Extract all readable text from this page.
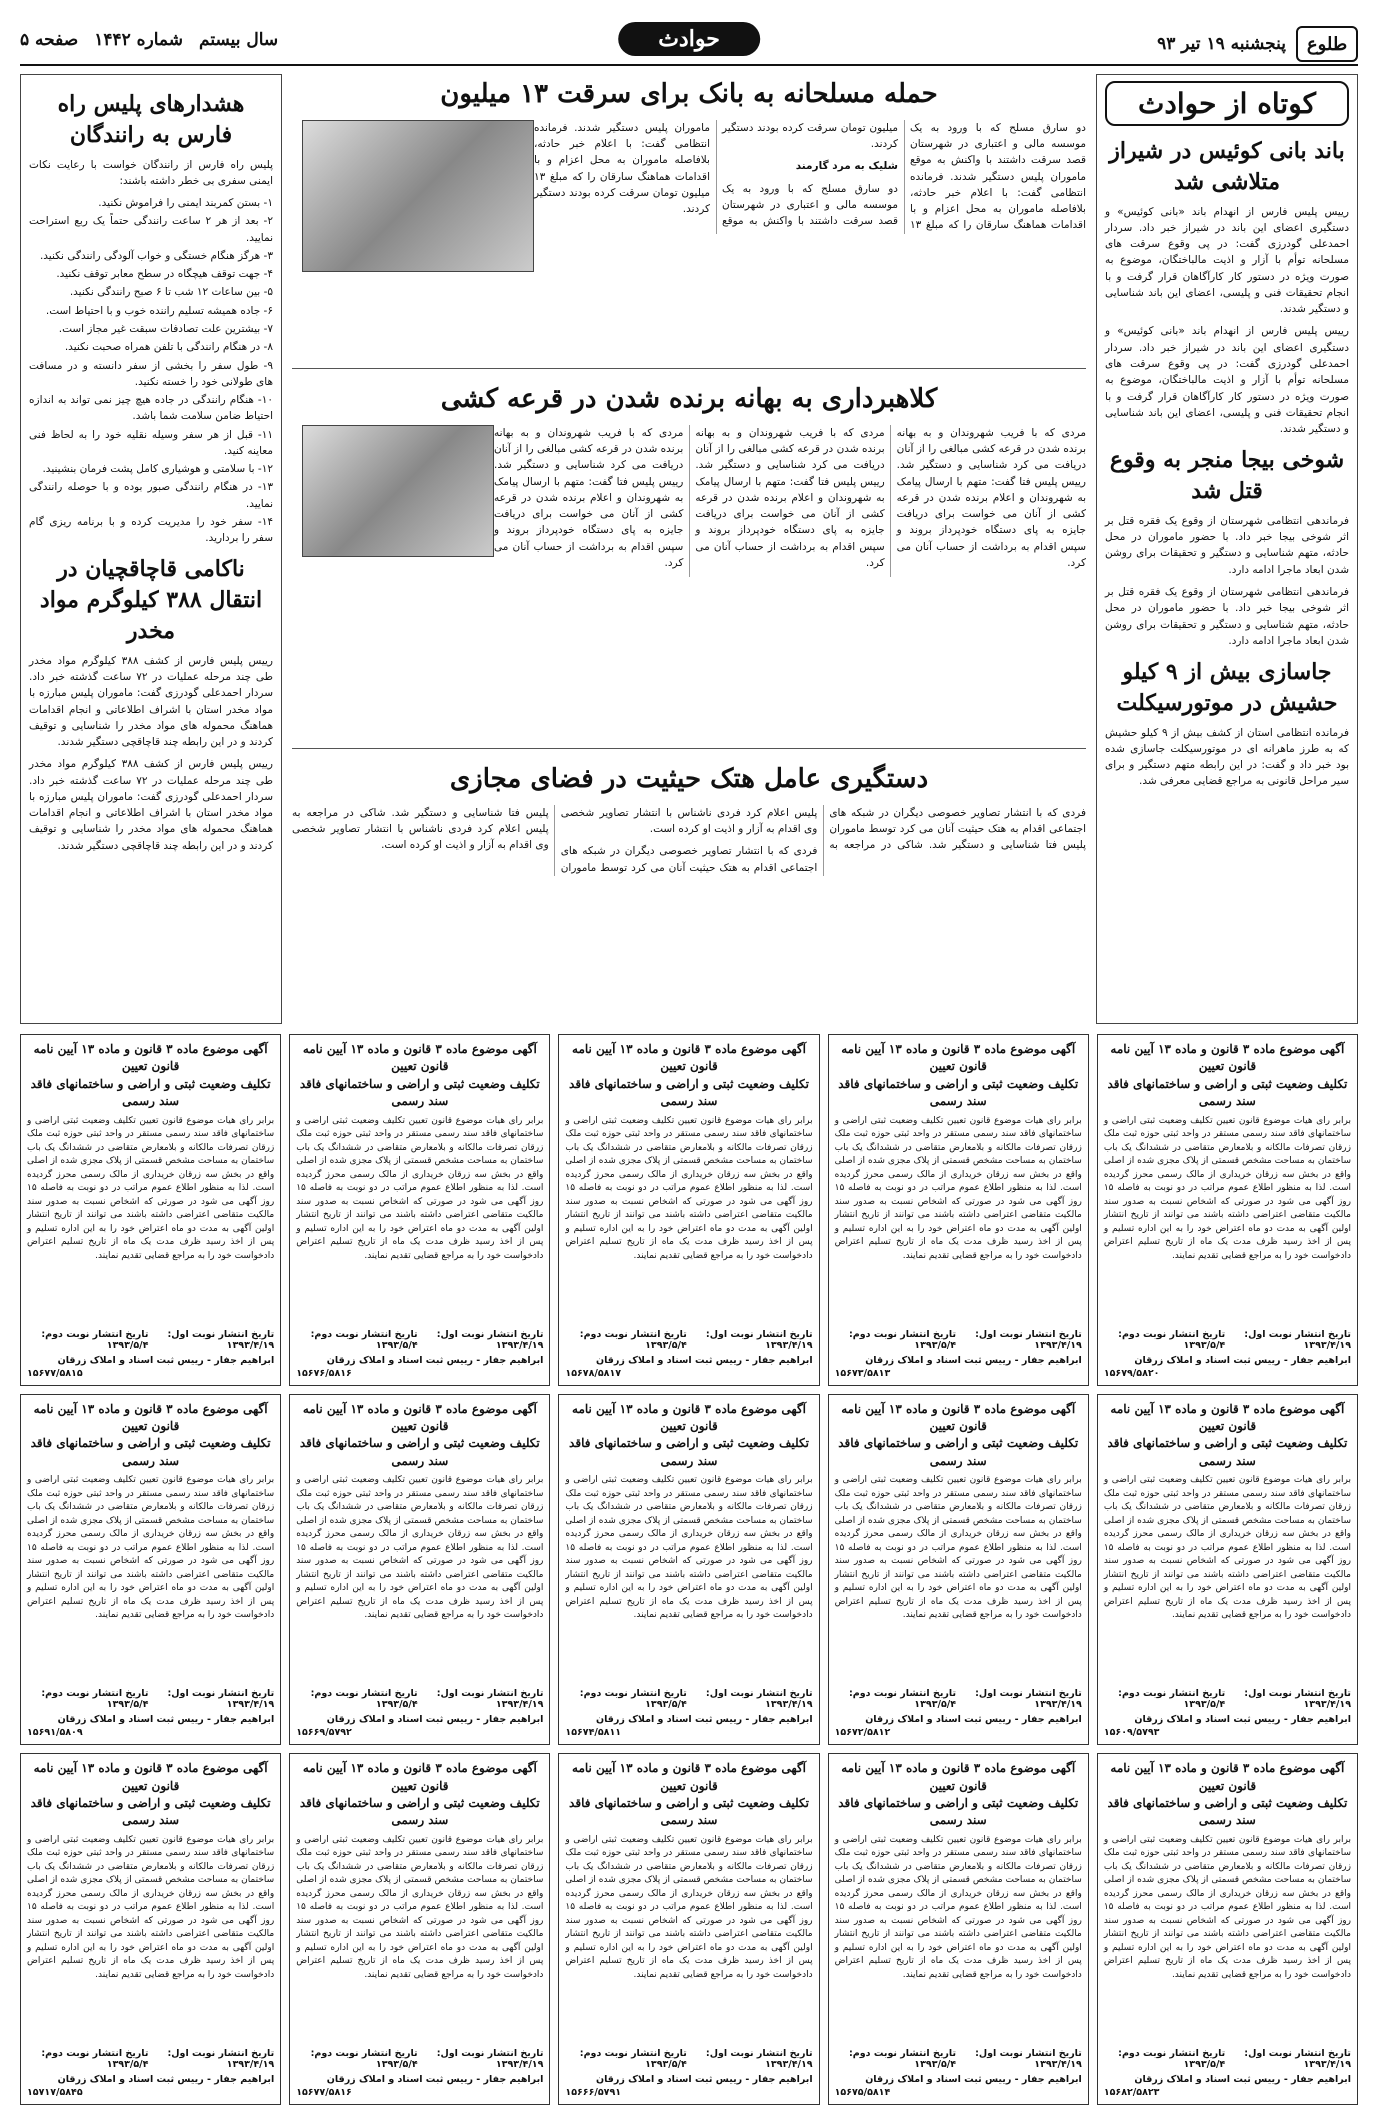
طلوع
پنجشنبه ۱۹ تیر ۹۳
حوادث
سال بیستم
شماره ۱۴۴۲
صفحه ۵
کوتاه از حوادث
باند بانی کوئیس در شیراز متلاشی شد

رییس پلیس فارس از انهدام باند «بانی کوئیس» و دستگیری اعضای این باند در شیراز خبر داد. سردار احمدعلی گودرزی گفت: در پی وقوع سرقت های مسلحانه توأم با آزار و اذیت مالباختگان، موضوع به صورت ویژه در دستور کار کارآگاهان قرار گرفت و با انجام تحقیقات فنی و پلیسی، اعضای این باند شناسایی و دستگیر شدند.

رییس پلیس فارس از انهدام باند «بانی کوئیس» و دستگیری اعضای این باند در شیراز خبر داد. سردار احمدعلی گودرزی گفت: در پی وقوع سرقت های مسلحانه توأم با آزار و اذیت مالباختگان، موضوع به صورت ویژه در دستور کار کارآگاهان قرار گرفت و با انجام تحقیقات فنی و پلیسی، اعضای این باند شناسایی و دستگیر شدند.

شوخی بیجا منجر به وقوع قتل شد

فرماندهی انتظامی شهرستان از وقوع یک فقره قتل بر اثر شوخی بیجا خبر داد. با حضور ماموران در محل حادثه، متهم شناسایی و دستگیر و تحقیقات برای روشن شدن ابعاد ماجرا ادامه دارد.

فرماندهی انتظامی شهرستان از وقوع یک فقره قتل بر اثر شوخی بیجا خبر داد. با حضور ماموران در محل حادثه، متهم شناسایی و دستگیر و تحقیقات برای روشن شدن ابعاد ماجرا ادامه دارد.

جاسازی بیش از ۹ کیلو حشیش در موتورسیکلت

فرمانده انتظامی استان از کشف بیش از ۹ کیلو حشیش که به طرز ماهرانه ای در موتورسیکلت جاسازی شده بود خبر داد و گفت: در این رابطه متهم دستگیر و برای سیر مراحل قانونی به مراجع قضایی معرفی شد.

حمله مسلحانه به بانک برای سرقت ۱۳ میلیون

دو سارق مسلح که با ورود به یک موسسه مالی و اعتباری در شهرستان قصد سرقت داشتند با واکنش به موقع ماموران پلیس دستگیر شدند. فرمانده انتظامی گفت: با اعلام خبر حادثه، بلافاصله ماموران به محل اعزام و با اقدامات هماهنگ سارقان را که مبلغ ۱۳ میلیون تومان سرقت کرده بودند دستگیر کردند.

شلیک به مرد گارمند

دو سارق مسلح که با ورود به یک موسسه مالی و اعتباری در شهرستان قصد سرقت داشتند با واکنش به موقع ماموران پلیس دستگیر شدند. فرمانده انتظامی گفت: با اعلام خبر حادثه، بلافاصله ماموران به محل اعزام و با اقدامات هماهنگ سارقان را که مبلغ ۱۳ میلیون تومان سرقت کرده بودند دستگیر کردند.

کلاهبرداری به بهانه برنده شدن در قرعه کشی

مردی که با فریب شهروندان و به بهانه برنده شدن در قرعه کشی مبالغی را از آنان دریافت می کرد شناسایی و دستگیر شد. رییس پلیس فتا گفت: متهم با ارسال پیامک به شهروندان و اعلام برنده شدن در قرعه کشی از آنان می خواست برای دریافت جایزه به پای دستگاه خودپرداز بروند و سپس اقدام به برداشت از حساب آنان می کرد.

مردی که با فریب شهروندان و به بهانه برنده شدن در قرعه کشی مبالغی را از آنان دریافت می کرد شناسایی و دستگیر شد. رییس پلیس فتا گفت: متهم با ارسال پیامک به شهروندان و اعلام برنده شدن در قرعه کشی از آنان می خواست برای دریافت جایزه به پای دستگاه خودپرداز بروند و سپس اقدام به برداشت از حساب آنان می کرد.

مردی که با فریب شهروندان و به بهانه برنده شدن در قرعه کشی مبالغی را از آنان دریافت می کرد شناسایی و دستگیر شد. رییس پلیس فتا گفت: متهم با ارسال پیامک به شهروندان و اعلام برنده شدن در قرعه کشی از آنان می خواست برای دریافت جایزه به پای دستگاه خودپرداز بروند و سپس اقدام به برداشت از حساب آنان می کرد.

دستگیری عامل هتک حیثیت در فضای مجازی

فردی که با انتشار تصاویر خصوصی دیگران در شبکه های اجتماعی اقدام به هتک حیثیت آنان می کرد توسط ماموران پلیس فتا شناسایی و دستگیر شد. شاکی در مراجعه به پلیس اعلام کرد فردی ناشناس با انتشار تصاویر شخصی وی اقدام به آزار و اذیت او کرده است.

فردی که با انتشار تصاویر خصوصی دیگران در شبکه های اجتماعی اقدام به هتک حیثیت آنان می کرد توسط ماموران پلیس فتا شناسایی و دستگیر شد. شاکی در مراجعه به پلیس اعلام کرد فردی ناشناس با انتشار تصاویر شخصی وی اقدام به آزار و اذیت او کرده است.

هشدارهای پلیس راه فارس به رانندگان

پلیس راه فارس از رانندگان خواست با رعایت نکات ایمنی سفری بی خطر داشته باشند:

۱- بستن کمربند ایمنی را فراموش نکنید.

۲- بعد از هر ۲ ساعت رانندگی حتماً یک ربع استراحت نمایید.

۳- هرگز هنگام خستگی و خواب آلودگی رانندگی نکنید.

۴- جهت توقف هیچگاه در سطح معابر توقف نکنید.

۵- بین ساعات ۱۲ شب تا ۶ صبح رانندگی نکنید.

۶- جاده همیشه تسلیم راننده خوب و با احتیاط است.

۷- بیشترین علت تصادفات سبقت غیر مجاز است.

۸- در هنگام رانندگی با تلفن همراه صحبت نکنید.

۹- طول سفر را بخشی از سفر دانسته و در مسافت های طولانی خود را خسته نکنید.

۱۰- هنگام رانندگی در جاده هیچ چیز نمی تواند به اندازه احتیاط ضامن سلامت شما باشد.

۱۱- قبل از هر سفر وسیله نقلیه خود را به لحاظ فنی معاینه کنید.

۱۲- با سلامتی و هوشیاری کامل پشت فرمان بنشینید.

۱۳- در هنگام رانندگی صبور بوده و با حوصله رانندگی نمایید.

۱۴- سفر خود را مدیریت کرده و با برنامه ریزی گام سفر را بردارید.

ناکامی قاچاقچیان در انتقال ۳۸۸ کیلوگرم مواد مخدر

رییس پلیس فارس از کشف ۳۸۸ کیلوگرم مواد مخدر طی چند مرحله عملیات در ۷۲ ساعت گذشته خبر داد. سردار احمدعلی گودرزی گفت: ماموران پلیس مبارزه با مواد مخدر استان با اشراف اطلاعاتی و انجام اقدامات هماهنگ محموله های مواد مخدر را شناسایی و توقیف کردند و در این رابطه چند قاچاقچی دستگیر شدند.

رییس پلیس فارس از کشف ۳۸۸ کیلوگرم مواد مخدر طی چند مرحله عملیات در ۷۲ ساعت گذشته خبر داد. سردار احمدعلی گودرزی گفت: ماموران پلیس مبارزه با مواد مخدر استان با اشراف اطلاعاتی و انجام اقدامات هماهنگ محموله های مواد مخدر را شناسایی و توقیف کردند و در این رابطه چند قاچاقچی دستگیر شدند.

آگهی موضوع ماده ۳ قانون و ماده ۱۳ آیین نامه قانون تعیین
تکلیف وضعیت ثبتی و اراضی و ساختمانهای فاقد سند رسمی
برابر رای هیات موضوع قانون تعیین تکلیف وضعیت ثبتی اراضی و ساختمانهای فاقد سند رسمی مستقر در واحد ثبتی حوزه ثبت ملک زرقان تصرفات مالکانه و بلامعارض متقاضی در ششدانگ یک باب ساختمان به مساحت مشخص قسمتی از پلاک مجزی شده از اصلی واقع در بخش سه زرقان خریداری از مالک رسمی محرز گردیده است. لذا به منظور اطلاع عموم مراتب در دو نوبت به فاصله ۱۵ روز آگهی می شود در صورتی که اشخاص نسبت به صدور سند مالکیت متقاضی اعتراضی داشته باشند می توانند از تاریخ انتشار اولین آگهی به مدت دو ماه اعتراض خود را به این اداره تسلیم و پس از اخذ رسید ظرف مدت یک ماه از تاریخ تسلیم اعتراض دادخواست خود را به مراجع قضایی تقدیم نمایند.
تاریخ انتشار نوبت اول: ۱۳۹۳/۴/۱۹
تاریخ انتشار نوبت دوم: ۱۳۹۳/۵/۴
ابراهیم جفار - رییس ثبت اسناد و املاک زرقان
۱۵۶۷۹/۵۸۲۰
آگهی موضوع ماده ۳ قانون و ماده ۱۳ آیین نامه قانون تعیین
تکلیف وضعیت ثبتی و اراضی و ساختمانهای فاقد سند رسمی
برابر رای هیات موضوع قانون تعیین تکلیف وضعیت ثبتی اراضی و ساختمانهای فاقد سند رسمی مستقر در واحد ثبتی حوزه ثبت ملک زرقان تصرفات مالکانه و بلامعارض متقاضی در ششدانگ یک باب ساختمان به مساحت مشخص قسمتی از پلاک مجزی شده از اصلی واقع در بخش سه زرقان خریداری از مالک رسمی محرز گردیده است. لذا به منظور اطلاع عموم مراتب در دو نوبت به فاصله ۱۵ روز آگهی می شود در صورتی که اشخاص نسبت به صدور سند مالکیت متقاضی اعتراضی داشته باشند می توانند از تاریخ انتشار اولین آگهی به مدت دو ماه اعتراض خود را به این اداره تسلیم و پس از اخذ رسید ظرف مدت یک ماه از تاریخ تسلیم اعتراض دادخواست خود را به مراجع قضایی تقدیم نمایند.
تاریخ انتشار نوبت اول: ۱۳۹۳/۴/۱۹
تاریخ انتشار نوبت دوم: ۱۳۹۳/۵/۴
ابراهیم جفار - رییس ثبت اسناد و املاک زرقان
۱۵۶۷۳/۵۸۱۳
آگهی موضوع ماده ۳ قانون و ماده ۱۳ آیین نامه قانون تعیین
تکلیف وضعیت ثبتی و اراضی و ساختمانهای فاقد سند رسمی
برابر رای هیات موضوع قانون تعیین تکلیف وضعیت ثبتی اراضی و ساختمانهای فاقد سند رسمی مستقر در واحد ثبتی حوزه ثبت ملک زرقان تصرفات مالکانه و بلامعارض متقاضی در ششدانگ یک باب ساختمان به مساحت مشخص قسمتی از پلاک مجزی شده از اصلی واقع در بخش سه زرقان خریداری از مالک رسمی محرز گردیده است. لذا به منظور اطلاع عموم مراتب در دو نوبت به فاصله ۱۵ روز آگهی می شود در صورتی که اشخاص نسبت به صدور سند مالکیت متقاضی اعتراضی داشته باشند می توانند از تاریخ انتشار اولین آگهی به مدت دو ماه اعتراض خود را به این اداره تسلیم و پس از اخذ رسید ظرف مدت یک ماه از تاریخ تسلیم اعتراض دادخواست خود را به مراجع قضایی تقدیم نمایند.
تاریخ انتشار نوبت اول: ۱۳۹۳/۴/۱۹
تاریخ انتشار نوبت دوم: ۱۳۹۳/۵/۴
ابراهیم جفار - رییس ثبت اسناد و املاک زرقان
۱۵۶۷۸/۵۸۱۷
آگهی موضوع ماده ۳ قانون و ماده ۱۳ آیین نامه قانون تعیین
تکلیف وضعیت ثبتی و اراضی و ساختمانهای فاقد سند رسمی
برابر رای هیات موضوع قانون تعیین تکلیف وضعیت ثبتی اراضی و ساختمانهای فاقد سند رسمی مستقر در واحد ثبتی حوزه ثبت ملک زرقان تصرفات مالکانه و بلامعارض متقاضی در ششدانگ یک باب ساختمان به مساحت مشخص قسمتی از پلاک مجزی شده از اصلی واقع در بخش سه زرقان خریداری از مالک رسمی محرز گردیده است. لذا به منظور اطلاع عموم مراتب در دو نوبت به فاصله ۱۵ روز آگهی می شود در صورتی که اشخاص نسبت به صدور سند مالکیت متقاضی اعتراضی داشته باشند می توانند از تاریخ انتشار اولین آگهی به مدت دو ماه اعتراض خود را به این اداره تسلیم و پس از اخذ رسید ظرف مدت یک ماه از تاریخ تسلیم اعتراض دادخواست خود را به مراجع قضایی تقدیم نمایند.
تاریخ انتشار نوبت اول: ۱۳۹۳/۴/۱۹
تاریخ انتشار نوبت دوم: ۱۳۹۳/۵/۴
ابراهیم جفار - رییس ثبت اسناد و املاک زرقان
۱۵۶۷۶/۵۸۱۶
آگهی موضوع ماده ۳ قانون و ماده ۱۳ آیین نامه قانون تعیین
تکلیف وضعیت ثبتی و اراضی و ساختمانهای فاقد سند رسمی
برابر رای هیات موضوع قانون تعیین تکلیف وضعیت ثبتی اراضی و ساختمانهای فاقد سند رسمی مستقر در واحد ثبتی حوزه ثبت ملک زرقان تصرفات مالکانه و بلامعارض متقاضی در ششدانگ یک باب ساختمان به مساحت مشخص قسمتی از پلاک مجزی شده از اصلی واقع در بخش سه زرقان خریداری از مالک رسمی محرز گردیده است. لذا به منظور اطلاع عموم مراتب در دو نوبت به فاصله ۱۵ روز آگهی می شود در صورتی که اشخاص نسبت به صدور سند مالکیت متقاضی اعتراضی داشته باشند می توانند از تاریخ انتشار اولین آگهی به مدت دو ماه اعتراض خود را به این اداره تسلیم و پس از اخذ رسید ظرف مدت یک ماه از تاریخ تسلیم اعتراض دادخواست خود را به مراجع قضایی تقدیم نمایند.
تاریخ انتشار نوبت اول: ۱۳۹۳/۴/۱۹
تاریخ انتشار نوبت دوم: ۱۳۹۳/۵/۴
ابراهیم جفار - رییس ثبت اسناد و املاک زرقان
۱۵۶۷۷/۵۸۱۵
آگهی موضوع ماده ۳ قانون و ماده ۱۳ آیین نامه قانون تعیین
تکلیف وضعیت ثبتی و اراضی و ساختمانهای فاقد سند رسمی
برابر رای هیات موضوع قانون تعیین تکلیف وضعیت ثبتی اراضی و ساختمانهای فاقد سند رسمی مستقر در واحد ثبتی حوزه ثبت ملک زرقان تصرفات مالکانه و بلامعارض متقاضی در ششدانگ یک باب ساختمان به مساحت مشخص قسمتی از پلاک مجزی شده از اصلی واقع در بخش سه زرقان خریداری از مالک رسمی محرز گردیده است. لذا به منظور اطلاع عموم مراتب در دو نوبت به فاصله ۱۵ روز آگهی می شود در صورتی که اشخاص نسبت به صدور سند مالکیت متقاضی اعتراضی داشته باشند می توانند از تاریخ انتشار اولین آگهی به مدت دو ماه اعتراض خود را به این اداره تسلیم و پس از اخذ رسید ظرف مدت یک ماه از تاریخ تسلیم اعتراض دادخواست خود را به مراجع قضایی تقدیم نمایند.
تاریخ انتشار نوبت اول: ۱۳۹۳/۴/۱۹
تاریخ انتشار نوبت دوم: ۱۳۹۳/۵/۴
ابراهیم جفار - رییس ثبت اسناد و املاک زرقان
۱۵۶۰۹/۵۷۹۳
آگهی موضوع ماده ۳ قانون و ماده ۱۳ آیین نامه قانون تعیین
تکلیف وضعیت ثبتی و اراضی و ساختمانهای فاقد سند رسمی
برابر رای هیات موضوع قانون تعیین تکلیف وضعیت ثبتی اراضی و ساختمانهای فاقد سند رسمی مستقر در واحد ثبتی حوزه ثبت ملک زرقان تصرفات مالکانه و بلامعارض متقاضی در ششدانگ یک باب ساختمان به مساحت مشخص قسمتی از پلاک مجزی شده از اصلی واقع در بخش سه زرقان خریداری از مالک رسمی محرز گردیده است. لذا به منظور اطلاع عموم مراتب در دو نوبت به فاصله ۱۵ روز آگهی می شود در صورتی که اشخاص نسبت به صدور سند مالکیت متقاضی اعتراضی داشته باشند می توانند از تاریخ انتشار اولین آگهی به مدت دو ماه اعتراض خود را به این اداره تسلیم و پس از اخذ رسید ظرف مدت یک ماه از تاریخ تسلیم اعتراض دادخواست خود را به مراجع قضایی تقدیم نمایند.
تاریخ انتشار نوبت اول: ۱۳۹۳/۴/۱۹
تاریخ انتشار نوبت دوم: ۱۳۹۳/۵/۴
ابراهیم جفار - رییس ثبت اسناد و املاک زرقان
۱۵۶۷۲/۵۸۱۲
آگهی موضوع ماده ۳ قانون و ماده ۱۳ آیین نامه قانون تعیین
تکلیف وضعیت ثبتی و اراضی و ساختمانهای فاقد سند رسمی
برابر رای هیات موضوع قانون تعیین تکلیف وضعیت ثبتی اراضی و ساختمانهای فاقد سند رسمی مستقر در واحد ثبتی حوزه ثبت ملک زرقان تصرفات مالکانه و بلامعارض متقاضی در ششدانگ یک باب ساختمان به مساحت مشخص قسمتی از پلاک مجزی شده از اصلی واقع در بخش سه زرقان خریداری از مالک رسمی محرز گردیده است. لذا به منظور اطلاع عموم مراتب در دو نوبت به فاصله ۱۵ روز آگهی می شود در صورتی که اشخاص نسبت به صدور سند مالکیت متقاضی اعتراضی داشته باشند می توانند از تاریخ انتشار اولین آگهی به مدت دو ماه اعتراض خود را به این اداره تسلیم و پس از اخذ رسید ظرف مدت یک ماه از تاریخ تسلیم اعتراض دادخواست خود را به مراجع قضایی تقدیم نمایند.
تاریخ انتشار نوبت اول: ۱۳۹۳/۴/۱۹
تاریخ انتشار نوبت دوم: ۱۳۹۳/۵/۴
ابراهیم جفار - رییس ثبت اسناد و املاک زرقان
۱۵۶۷۴/۵۸۱۱
آگهی موضوع ماده ۳ قانون و ماده ۱۳ آیین نامه قانون تعیین
تکلیف وضعیت ثبتی و اراضی و ساختمانهای فاقد سند رسمی
برابر رای هیات موضوع قانون تعیین تکلیف وضعیت ثبتی اراضی و ساختمانهای فاقد سند رسمی مستقر در واحد ثبتی حوزه ثبت ملک زرقان تصرفات مالکانه و بلامعارض متقاضی در ششدانگ یک باب ساختمان به مساحت مشخص قسمتی از پلاک مجزی شده از اصلی واقع در بخش سه زرقان خریداری از مالک رسمی محرز گردیده است. لذا به منظور اطلاع عموم مراتب در دو نوبت به فاصله ۱۵ روز آگهی می شود در صورتی که اشخاص نسبت به صدور سند مالکیت متقاضی اعتراضی داشته باشند می توانند از تاریخ انتشار اولین آگهی به مدت دو ماه اعتراض خود را به این اداره تسلیم و پس از اخذ رسید ظرف مدت یک ماه از تاریخ تسلیم اعتراض دادخواست خود را به مراجع قضایی تقدیم نمایند.
تاریخ انتشار نوبت اول: ۱۳۹۳/۴/۱۹
تاریخ انتشار نوبت دوم: ۱۳۹۳/۵/۴
ابراهیم جفار - رییس ثبت اسناد و املاک زرقان
۱۵۶۶۹/۵۷۹۲
آگهی موضوع ماده ۳ قانون و ماده ۱۳ آیین نامه قانون تعیین
تکلیف وضعیت ثبتی و اراضی و ساختمانهای فاقد سند رسمی
برابر رای هیات موضوع قانون تعیین تکلیف وضعیت ثبتی اراضی و ساختمانهای فاقد سند رسمی مستقر در واحد ثبتی حوزه ثبت ملک زرقان تصرفات مالکانه و بلامعارض متقاضی در ششدانگ یک باب ساختمان به مساحت مشخص قسمتی از پلاک مجزی شده از اصلی واقع در بخش سه زرقان خریداری از مالک رسمی محرز گردیده است. لذا به منظور اطلاع عموم مراتب در دو نوبت به فاصله ۱۵ روز آگهی می شود در صورتی که اشخاص نسبت به صدور سند مالکیت متقاضی اعتراضی داشته باشند می توانند از تاریخ انتشار اولین آگهی به مدت دو ماه اعتراض خود را به این اداره تسلیم و پس از اخذ رسید ظرف مدت یک ماه از تاریخ تسلیم اعتراض دادخواست خود را به مراجع قضایی تقدیم نمایند.
تاریخ انتشار نوبت اول: ۱۳۹۳/۴/۱۹
تاریخ انتشار نوبت دوم: ۱۳۹۳/۵/۴
ابراهیم جفار - رییس ثبت اسناد و املاک زرقان
۱۵۶۹۱/۵۸۰۹
آگهی موضوع ماده ۳ قانون و ماده ۱۳ آیین نامه قانون تعیین
تکلیف وضعیت ثبتی و اراضی و ساختمانهای فاقد سند رسمی
برابر رای هیات موضوع قانون تعیین تکلیف وضعیت ثبتی اراضی و ساختمانهای فاقد سند رسمی مستقر در واحد ثبتی حوزه ثبت ملک زرقان تصرفات مالکانه و بلامعارض متقاضی در ششدانگ یک باب ساختمان به مساحت مشخص قسمتی از پلاک مجزی شده از اصلی واقع در بخش سه زرقان خریداری از مالک رسمی محرز گردیده است. لذا به منظور اطلاع عموم مراتب در دو نوبت به فاصله ۱۵ روز آگهی می شود در صورتی که اشخاص نسبت به صدور سند مالکیت متقاضی اعتراضی داشته باشند می توانند از تاریخ انتشار اولین آگهی به مدت دو ماه اعتراض خود را به این اداره تسلیم و پس از اخذ رسید ظرف مدت یک ماه از تاریخ تسلیم اعتراض دادخواست خود را به مراجع قضایی تقدیم نمایند.
تاریخ انتشار نوبت اول: ۱۳۹۳/۴/۱۹
تاریخ انتشار نوبت دوم: ۱۳۹۳/۵/۴
ابراهیم جفار - رییس ثبت اسناد و املاک زرقان
۱۵۶۸۲/۵۸۲۳
آگهی موضوع ماده ۳ قانون و ماده ۱۳ آیین نامه قانون تعیین
تکلیف وضعیت ثبتی و اراضی و ساختمانهای فاقد سند رسمی
برابر رای هیات موضوع قانون تعیین تکلیف وضعیت ثبتی اراضی و ساختمانهای فاقد سند رسمی مستقر در واحد ثبتی حوزه ثبت ملک زرقان تصرفات مالکانه و بلامعارض متقاضی در ششدانگ یک باب ساختمان به مساحت مشخص قسمتی از پلاک مجزی شده از اصلی واقع در بخش سه زرقان خریداری از مالک رسمی محرز گردیده است. لذا به منظور اطلاع عموم مراتب در دو نوبت به فاصله ۱۵ روز آگهی می شود در صورتی که اشخاص نسبت به صدور سند مالکیت متقاضی اعتراضی داشته باشند می توانند از تاریخ انتشار اولین آگهی به مدت دو ماه اعتراض خود را به این اداره تسلیم و پس از اخذ رسید ظرف مدت یک ماه از تاریخ تسلیم اعتراض دادخواست خود را به مراجع قضایی تقدیم نمایند.
تاریخ انتشار نوبت اول: ۱۳۹۳/۴/۱۹
تاریخ انتشار نوبت دوم: ۱۳۹۳/۵/۴
ابراهیم جفار - رییس ثبت اسناد و املاک زرقان
۱۵۶۷۵/۵۸۱۴
آگهی موضوع ماده ۳ قانون و ماده ۱۳ آیین نامه قانون تعیین
تکلیف وضعیت ثبتی و اراضی و ساختمانهای فاقد سند رسمی
برابر رای هیات موضوع قانون تعیین تکلیف وضعیت ثبتی اراضی و ساختمانهای فاقد سند رسمی مستقر در واحد ثبتی حوزه ثبت ملک زرقان تصرفات مالکانه و بلامعارض متقاضی در ششدانگ یک باب ساختمان به مساحت مشخص قسمتی از پلاک مجزی شده از اصلی واقع در بخش سه زرقان خریداری از مالک رسمی محرز گردیده است. لذا به منظور اطلاع عموم مراتب در دو نوبت به فاصله ۱۵ روز آگهی می شود در صورتی که اشخاص نسبت به صدور سند مالکیت متقاضی اعتراضی داشته باشند می توانند از تاریخ انتشار اولین آگهی به مدت دو ماه اعتراض خود را به این اداره تسلیم و پس از اخذ رسید ظرف مدت یک ماه از تاریخ تسلیم اعتراض دادخواست خود را به مراجع قضایی تقدیم نمایند.
تاریخ انتشار نوبت اول: ۱۳۹۳/۴/۱۹
تاریخ انتشار نوبت دوم: ۱۳۹۳/۵/۴
ابراهیم جفار - رییس ثبت اسناد و املاک زرقان
۱۵۶۶۶/۵۷۹۱
آگهی موضوع ماده ۳ قانون و ماده ۱۳ آیین نامه قانون تعیین
تکلیف وضعیت ثبتی و اراضی و ساختمانهای فاقد سند رسمی
برابر رای هیات موضوع قانون تعیین تکلیف وضعیت ثبتی اراضی و ساختمانهای فاقد سند رسمی مستقر در واحد ثبتی حوزه ثبت ملک زرقان تصرفات مالکانه و بلامعارض متقاضی در ششدانگ یک باب ساختمان به مساحت مشخص قسمتی از پلاک مجزی شده از اصلی واقع در بخش سه زرقان خریداری از مالک رسمی محرز گردیده است. لذا به منظور اطلاع عموم مراتب در دو نوبت به فاصله ۱۵ روز آگهی می شود در صورتی که اشخاص نسبت به صدور سند مالکیت متقاضی اعتراضی داشته باشند می توانند از تاریخ انتشار اولین آگهی به مدت دو ماه اعتراض خود را به این اداره تسلیم و پس از اخذ رسید ظرف مدت یک ماه از تاریخ تسلیم اعتراض دادخواست خود را به مراجع قضایی تقدیم نمایند.
تاریخ انتشار نوبت اول: ۱۳۹۳/۴/۱۹
تاریخ انتشار نوبت دوم: ۱۳۹۳/۵/۴
ابراهیم جفار - رییس ثبت اسناد و املاک زرقان
۱۵۶۷۷/۵۸۱۶
آگهی موضوع ماده ۳ قانون و ماده ۱۳ آیین نامه قانون تعیین
تکلیف وضعیت ثبتی و اراضی و ساختمانهای فاقد سند رسمی
برابر رای هیات موضوع قانون تعیین تکلیف وضعیت ثبتی اراضی و ساختمانهای فاقد سند رسمی مستقر در واحد ثبتی حوزه ثبت ملک زرقان تصرفات مالکانه و بلامعارض متقاضی در ششدانگ یک باب ساختمان به مساحت مشخص قسمتی از پلاک مجزی شده از اصلی واقع در بخش سه زرقان خریداری از مالک رسمی محرز گردیده است. لذا به منظور اطلاع عموم مراتب در دو نوبت به فاصله ۱۵ روز آگهی می شود در صورتی که اشخاص نسبت به صدور سند مالکیت متقاضی اعتراضی داشته باشند می توانند از تاریخ انتشار اولین آگهی به مدت دو ماه اعتراض خود را به این اداره تسلیم و پس از اخذ رسید ظرف مدت یک ماه از تاریخ تسلیم اعتراض دادخواست خود را به مراجع قضایی تقدیم نمایند.
تاریخ انتشار نوبت اول: ۱۳۹۳/۴/۱۹
تاریخ انتشار نوبت دوم: ۱۳۹۳/۵/۴
ابراهیم جفار - رییس ثبت اسناد و املاک زرقان
۱۵۷۱۷/۵۸۴۵
